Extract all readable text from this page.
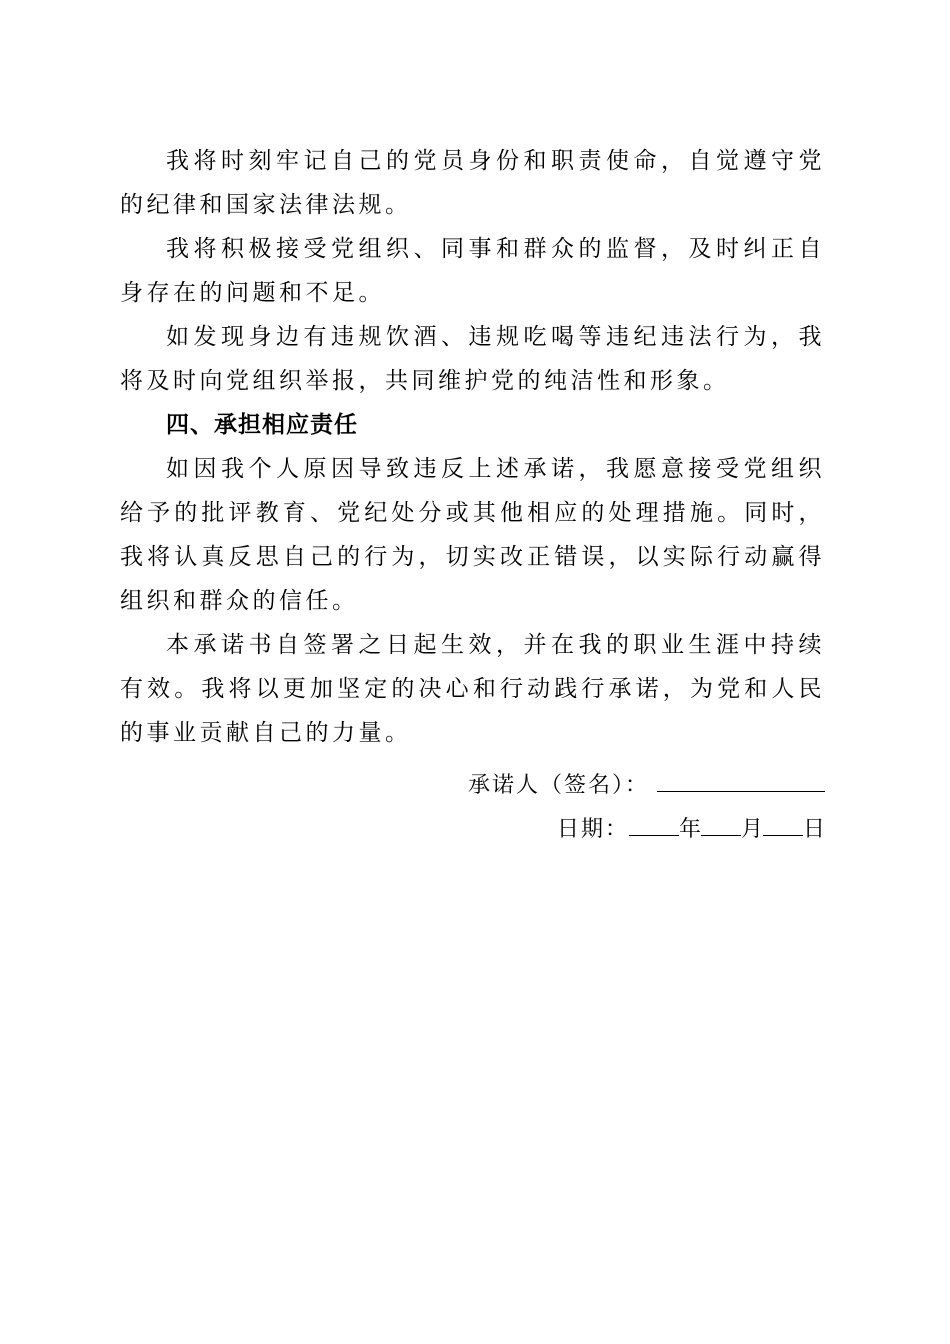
我将时刻牢记自己的党员身份和职责使命，自觉遵守党的纪律和国家法律法规。

我将积极接受党组织、同事和群众的监督，及时纠正自身存在的问题和不足。

如发现身边有违规饮酒、违规吃喝等违纪违法行为，我将及时向党组织举报，共同维护党的纯洁性和形象。

四、承担相应责任

如因我个人原因导致违反上述承诺，我愿意接受党组织给予的批评教育、党纪处分或其他相应的处理措施。同时，我将认真反思自己的行为，切实改正错误，以实际行动赢得组织和群众的信任。

本承诺书自签署之日起生效，并在我的职业生涯中持续有效。我将以更加坚定的决心和行动践行承诺，为党和人民的事业贡献自己的力量。

承诺人（签名）：
日期： 年 月 日
